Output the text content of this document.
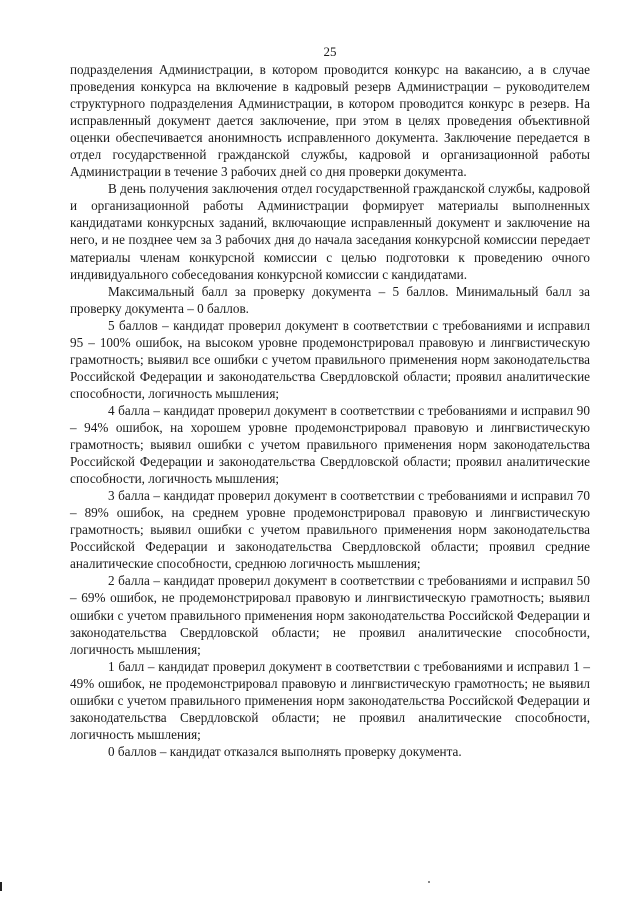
25

подразделения Администрации, в котором проводится конкурс на вакансию, а в случае проведения конкурса на включение в кадровый резерв Администрации – руководителем структурного подразделения Администрации, в котором проводится конкурс в резерв. На исправленный документ дается заключение, при этом в целях проведения объективной оценки обеспечивается анонимность исправленного документа. Заключение передается в отдел государственной гражданской службы, кадровой и организационной работы Администрации в течение 3 рабочих дней со дня проверки документа.

В день получения заключения отдел государственной гражданской службы, кадровой и организационной работы Администрации формирует материалы выполненных кандидатами конкурсных заданий, включающие исправленный документ и заключение на него, и не позднее чем за 3 рабочих дня до начала заседания конкурсной комиссии передает материалы членам конкурсной комиссии с целью подготовки к проведению очного индивидуального собеседования конкурсной комиссии с кандидатами.

Максимальный балл за проверку документа – 5 баллов. Минимальный балл за проверку документа – 0 баллов.

5 баллов – кандидат проверил документ в соответствии с требованиями и исправил 95 – 100% ошибок, на высоком уровне продемонстрировал правовую и лингвистическую грамотность; выявил все ошибки с учетом правильного применения норм законодательства Российской Федерации и законодательства Свердловской области; проявил аналитические способности, логичность мышления;

4 балла – кандидат проверил документ в соответствии с требованиями и исправил 90 – 94% ошибок, на хорошем уровне продемонстрировал правовую и лингвистическую грамотность; выявил ошибки с учетом правильного применения норм законодательства Российской Федерации и законодательства Свердловской области; проявил аналитические способности, логичность мышления;

3 балла – кандидат проверил документ в соответствии с требованиями и исправил 70 – 89% ошибок, на среднем уровне продемонстрировал правовую и лингвистическую грамотность; выявил ошибки с учетом правильного применения норм законодательства Российской Федерации и законодательства Свердловской области; проявил средние аналитические способности, среднюю логичность мышления;

2 балла – кандидат проверил документ в соответствии с требованиями и исправил 50 – 69% ошибок, не продемонстрировал правовую и лингвистическую грамотность; выявил ошибки с учетом правильного применения норм законодательства Российской Федерации и законодательства Свердловской области; не проявил аналитические способности, логичность мышления;

1 балл – кандидат проверил документ в соответствии с требованиями и исправил 1 – 49% ошибок, не продемонстрировал правовую и лингвистическую грамотность; не выявил ошибки с учетом правильного применения норм законодательства Российской Федерации и законодательства Свердловской области; не проявил аналитические способности, логичность мышления;

0 баллов – кандидат отказался выполнять проверку документа.
